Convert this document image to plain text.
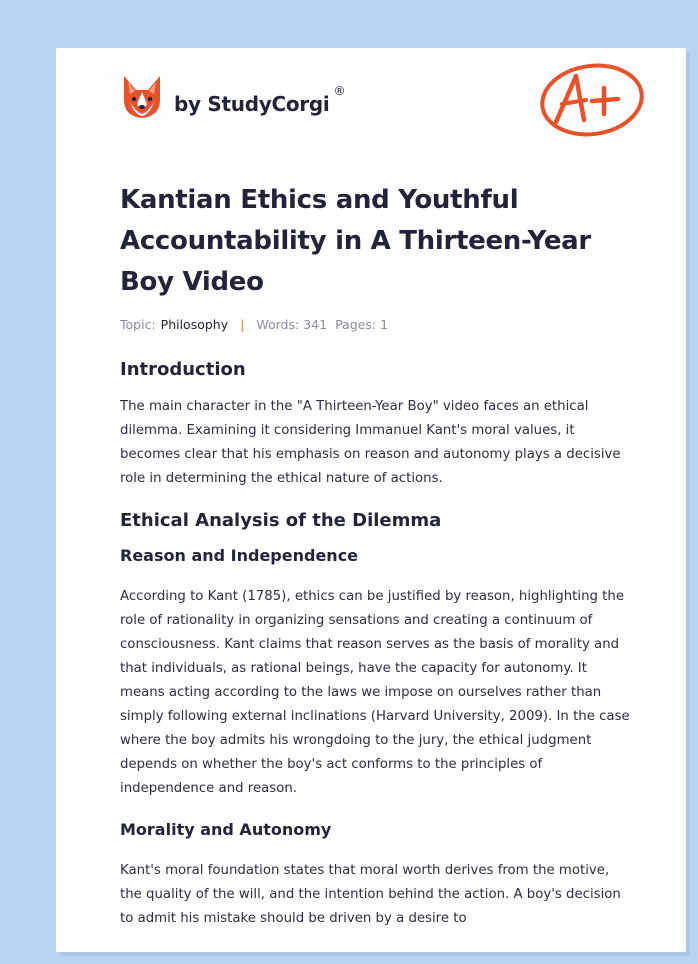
by StudyCorgi
®
Kantian Ethics and Youthful Accountability in A Thirteen-Year Boy Video
Topic: Philosophy | Words: 341 Pages: 1
Introduction

The main character in the "A Thirteen-Year Boy" video faces an ethical dilemma. Examining it considering Immanuel Kant's moral values, it becomes clear that his emphasis on reason and autonomy plays a decisive role in determining the ethical nature of actions.

Ethical Analysis of the Dilemma
Reason and Independence

According to Kant (1785), ethics can be justified by reason, highlighting the role of rationality in organizing sensations and creating a continuum of consciousness. Kant claims that reason serves as the basis of morality and that individuals, as rational beings, have the capacity for autonomy. It means acting according to the laws we impose on ourselves rather than simply following external inclinations (Harvard University, 2009). In the case where the boy admits his wrongdoing to the jury, the ethical judgment depends on whether the boy's act conforms to the principles of independence and reason.

Morality and Autonomy

Kant's moral foundation states that moral worth derives from the motive, the quality of the will, and the intention behind the action. A boy's decision to admit his mistake should be driven by a desire to
